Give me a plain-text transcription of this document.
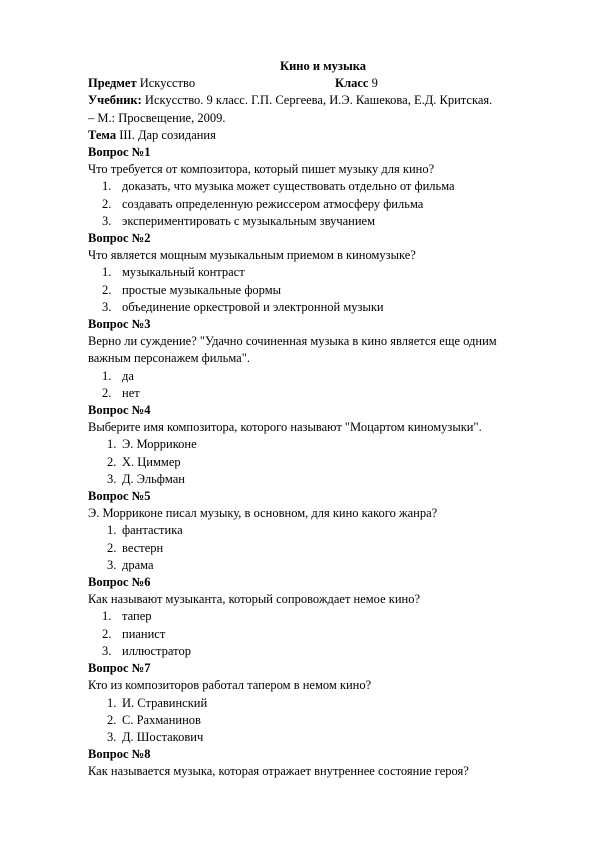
Кино и музыка
Предмет Искусство	Класс 9
Учебник: Искусство. 9 класс. Г.П. Сергеева, И.Э. Кашекова, Е.Д. Критская.
– М.: Просвещение, 2009.
Тема III. Дар созидания
Вопрос №1
Что требуется от композитора, который пишет музыку для кино?
1. доказать, что музыка может существовать отдельно от фильма
2. создавать определенную режиссером атмосферу фильма
3. экспериментировать с музыкальным звучанием
Вопрос №2
Что является мощным музыкальным приемом в киномузыке?
1. музыкальный контраст
2. простые музыкальные формы
3. объединение оркестровой и электронной музыки
Вопрос №3
Верно ли суждение? "Удачно сочиненная музыка в кино является еще одним
важным персонажем фильма".
1. да
2. нет
Вопрос №4
Выберите имя композитора, которого называют "Моцартом киномузыки".
1. Э. Морриконе
2. Х. Циммер
3. Д. Эльфман
Вопрос №5
Э. Морриконе писал музыку, в основном, для кино какого жанра?
1. фантастика
2. вестерн
3. драма
Вопрос №6
Как называют музыканта, который сопровождает немое кино?
1. тапер
2. пианист
3. иллюстратор
Вопрос №7
Кто из композиторов работал тапером в немом кино?
1. И. Стравинский
2. С. Рахманинов
3. Д. Шостакович
Вопрос №8
Как называется музыка, которая отражает внутреннее состояние героя?
